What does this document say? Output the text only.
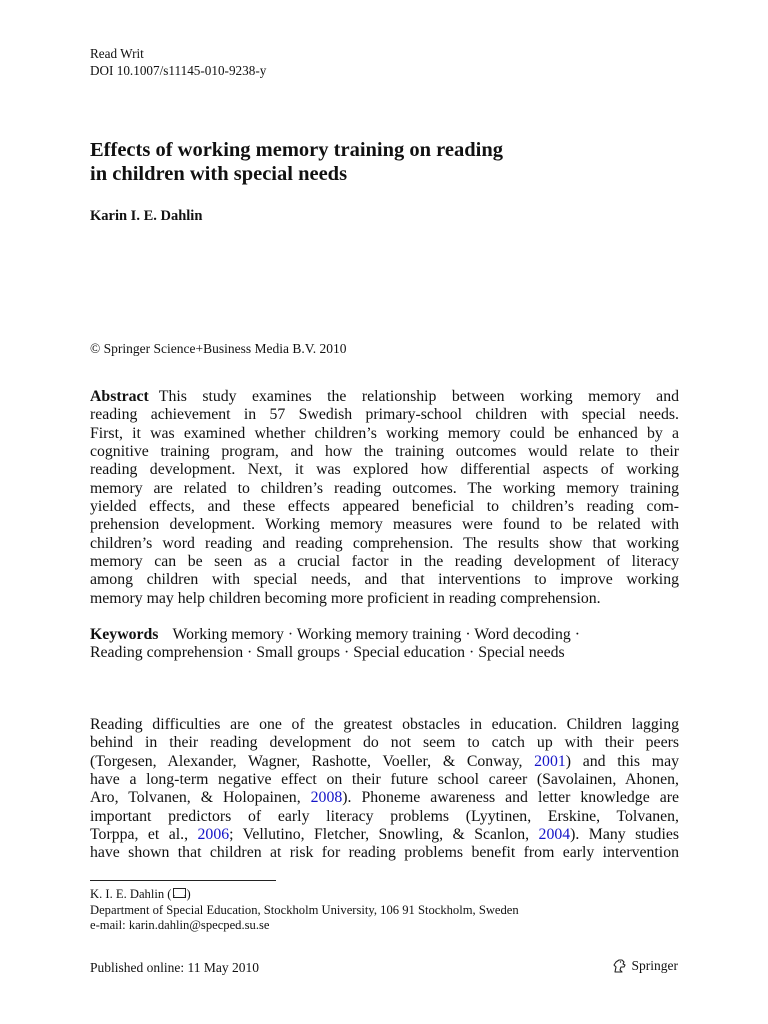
Read Writ
DOI 10.1007/s11145-010-9238-y
Effects of working memory training on reading
in children with special needs
Karin I. E. Dahlin
© Springer Science+Business Media B.V. 2010
Abstract This study examines the relationship between working memory and
reading achievement in 57 Swedish primary-school children with special needs.
First, it was examined whether children’s working memory could be enhanced by a
cognitive training program, and how the training outcomes would relate to their
reading development. Next, it was explored how differential aspects of working
memory are related to children’s reading outcomes. The working memory training
yielded effects, and these effects appeared beneficial to children’s reading com-
prehension development. Working memory measures were found to be related with
children’s word reading and reading comprehension. The results show that working
memory can be seen as a crucial factor in the reading development of literacy
among children with special needs, and that interventions to improve working
memory may help children becoming more proficient in reading comprehension.
Keywords Working memory · Working memory training · Word decoding ·
Reading comprehension · Small groups · Special education · Special needs
Reading difficulties are one of the greatest obstacles in education. Children lagging
behind in their reading development do not seem to catch up with their peers
(Torgesen, Alexander, Wagner, Rashotte, Voeller, & Conway, 2001) and this may
have a long-term negative effect on their future school career (Savolainen, Ahonen,
Aro, Tolvanen, & Holopainen, 2008). Phoneme awareness and letter knowledge are
important predictors of early literacy problems (Lyytinen, Erskine, Tolvanen,
Torppa, et al., 2006; Vellutino, Fletcher, Snowling, & Scanlon, 2004). Many studies
have shown that children at risk for reading problems benefit from early intervention
K. I. E. Dahlin ( )
Department of Special Education, Stockholm University, 106 91 Stockholm, Sweden
e-mail: karin.dahlin@specped.su.se
Published online: 11 May 2010	Springer
